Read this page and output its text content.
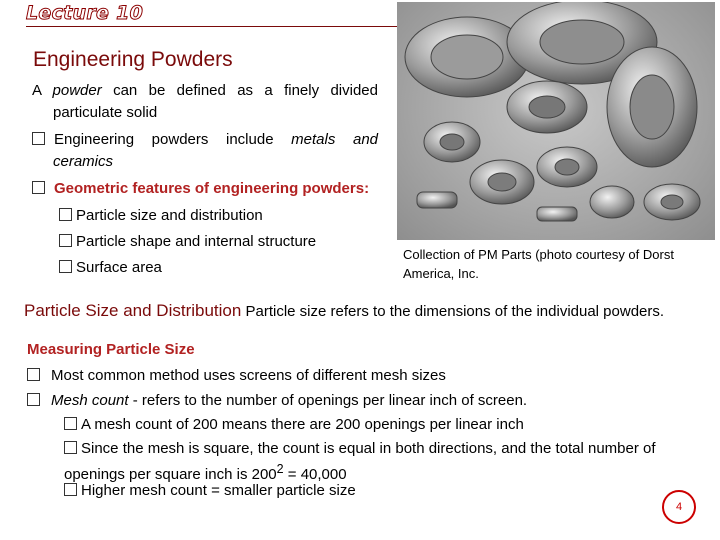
Lecture 10
Engineering Powders

A powder can be defined as a finely divided particulate solid

Engineering powders include metals and ceramics

Geometric features of engineering powders:

Particle size and distribution

Particle shape and internal structure

Surface area

Collection of PM Parts (photo courtesy of Dorst America, Inc.
Particle Size and Distribution Particle size refers to the dimensions of the individual powders.
Measuring Particle Size
Most common method uses screens of different mesh sizes
Mesh count - refers to the number of openings per linear inch of screen.
A mesh count of 200 means there are 200 openings per linear inch
Since the mesh is square, the count is equal in both directions, and the total number of openings per square inch is $200^2 = 40,000$
Higher mesh count = smaller particle size
4
